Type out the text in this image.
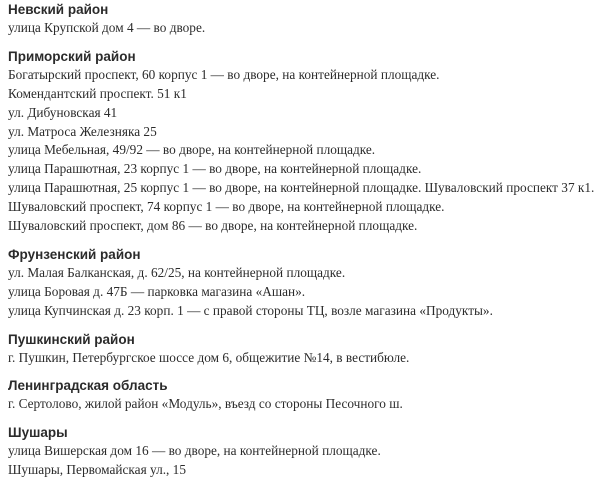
Невский район
улица Крупской дом 4 — во дворе.
Приморский район
Богатырский проспект, 60 корпус 1 — во дворе, на контейнерной площадке.
Комендантский проспект. 51 к1
ул. Дибуновская 41
ул. Матроса Железняка 25
улица Мебельная, 49/92 — во дворе, на контейнерной площадке.
улица Парашютная, 23 корпус 1 — во дворе, на контейнерной площадке.
улица Парашютная, 25 корпус 1 — во дворе, на контейнерной площадке. Шуваловский проспект 37 к1.
Шуваловский проспект, 74 корпус 1 — во дворе, на контейнерной площадке.
Шуваловский проспект, дом 86 — во дворе, на контейнерной площадке.
Фрунзенский район
ул. Малая Балканская, д. 62/25, на контейнерной площадке.
улица Боровая д. 47Б — парковка магазина «Ашан».
улица Купчинская д. 23 корп. 1 — с правой стороны ТЦ, возле магазина «Продукты».
Пушкинский район
г. Пушкин, Петербургское шоссе дом 6, общежитие №14, в вестибюле.
Ленинградская область
г. Сертолово, жилой район «Модуль», въезд со стороны Песочного ш.
Шушары
улица Вишерская дом 16 — во дворе, на контейнерной площадке.
Шушары, Первомайская ул., 15
